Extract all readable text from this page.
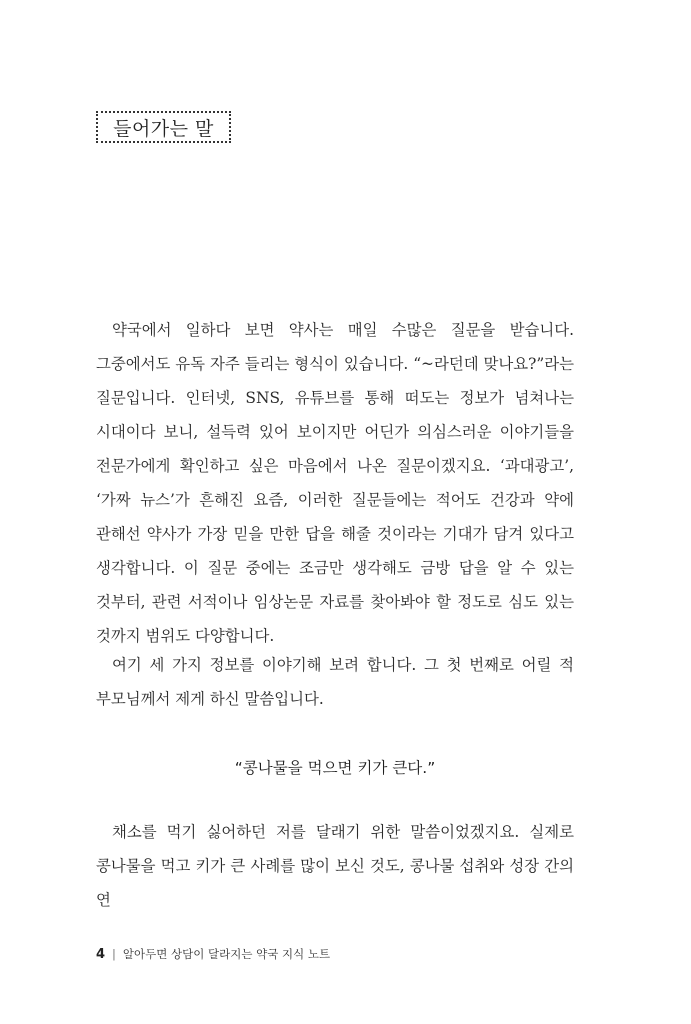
들어가는 말

약국에서 일하다 보면 약사는 매일 수많은 질문을 받습니다. 그중에서도 유독 자주 들리는 형식이 있습니다. “~라던데 맞나요?”라는 질문입니다. 인터넷, SNS, 유튜브를 통해 떠도는 정보가 넘쳐나는 시대이다 보니, 설득력 있어 보이지만 어딘가 의심스러운 이야기들을 전문가에게 확인하고 싶은 마음에서 나온 질문이겠지요. ‘과대광고’, ‘가짜 뉴스’가 흔해진 요즘, 이러한 질문들에는 적어도 건강과 약에 관해선 약사가 가장 믿을 만한 답을 해줄 것이라는 기대가 담겨 있다고 생각합니다. 이 질문 중에는 조금만 생각해도 금방 답을 알 수 있는 것부터, 관련 서적이나 임상논문 자료를 찾아봐야 할 정도로 심도 있는 것까지 범위도 다양합니다.

여기 세 가지 정보를 이야기해 보려 합니다. 그 첫 번째로 어릴 적 부모님께서 제게 하신 말씀입니다.

“콩나물을 먹으면 키가 큰다.”

채소를 먹기 싫어하던 저를 달래기 위한 말씀이었겠지요. 실제로 콩나물을 먹고 키가 큰 사례를 많이 보신 것도, 콩나물 섭취와 성장 간의 연

4 | 알아두면 상담이 달라지는 약국 지식 노트
